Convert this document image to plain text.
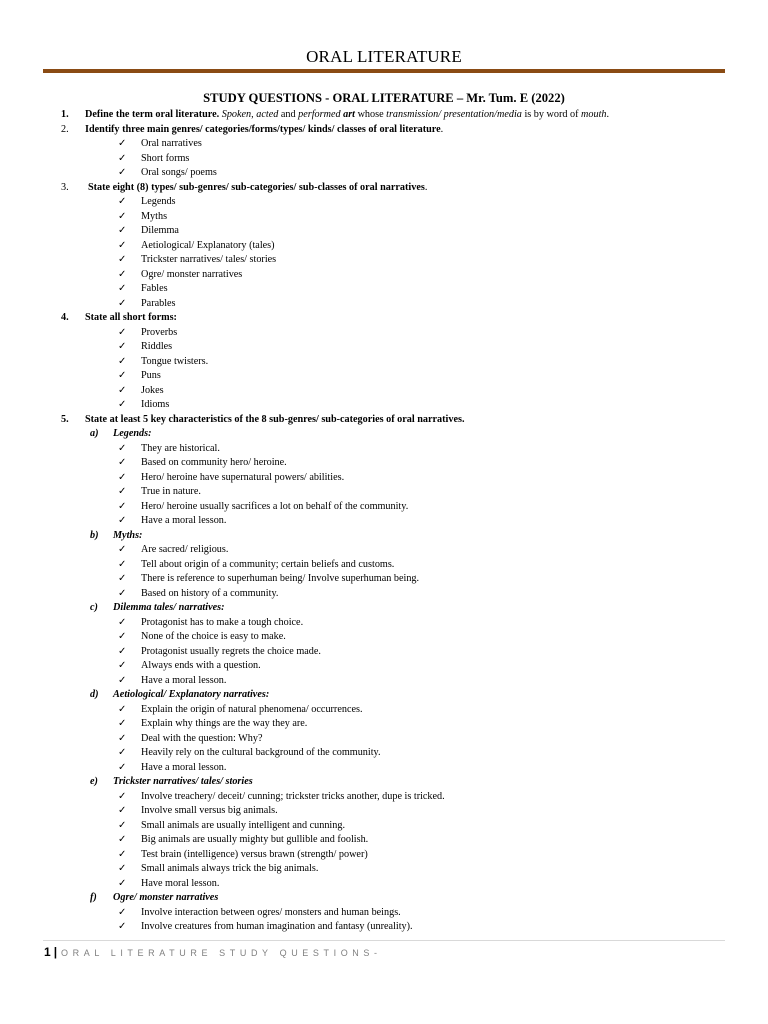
ORAL LITERATURE
STUDY QUESTIONS - ORAL LITERATURE – Mr. Tum. E (2022)
1. Define the term oral literature. Spoken, acted and performed art whose transmission/ presentation/media is by word of mouth.
2. Identify three main genres/ categories/forms/types/ kinds/ classes of oral literature.
✓ Oral narratives
✓ Short forms
✓ Oral songs/ poems
3. State eight (8) types/ sub-genres/ sub-categories/ sub-classes of oral narratives.
✓ Legends
✓ Myths
✓ Dilemma
✓ Aetiological/ Explanatory (tales)
✓ Trickster narratives/ tales/ stories
✓ Ogre/ monster narratives
✓ Fables
✓ Parables
4. State all short forms:
✓ Proverbs
✓ Riddles
✓ Tongue twisters.
✓ Puns
✓ Jokes
✓ Idioms
5. State at least 5 key characteristics of the 8 sub-genres/ sub-categories of oral narratives.
a) Legends:
✓ They are historical.
✓ Based on community hero/ heroine.
✓ Hero/ heroine have supernatural powers/ abilities.
✓ True in nature.
✓ Hero/ heroine usually sacrifices a lot on behalf of the community.
✓ Have a moral lesson.
b) Myths:
✓ Are sacred/ religious.
✓ Tell about origin of a community; certain beliefs and customs.
✓ There is reference to superhuman being/ Involve superhuman being.
✓ Based on history of a community.
c) Dilemma tales/ narratives:
✓ Protagonist has to make a tough choice.
✓ None of the choice is easy to make.
✓ Protagonist usually regrets the choice made.
✓ Always ends with a question.
✓ Have a moral lesson.
d) Aetiological/ Explanatory narratives:
✓ Explain the origin of natural phenomena/ occurrences.
✓ Explain why things are the way they are.
✓ Deal with the question: Why?
✓ Heavily rely on the cultural background of the community.
✓ Have a moral lesson.
e) Trickster narratives/ tales/ stories
✓ Involve treachery/ deceit/ cunning; trickster tricks another, dupe is tricked.
✓ Involve small versus big animals.
✓ Small animals are usually intelligent and cunning.
✓ Big animals are usually mighty but gullible and foolish.
✓ Test brain (intelligence) versus brawn (strength/ power)
✓ Small animals always trick the big animals.
✓ Have moral lesson.
f) Ogre/ monster narratives
✓ Involve interaction between ogres/ monsters and human beings.
✓ Involve creatures from human imagination and fantasy (unreality).
1 | ORAL LITERATURE STUDY QUESTIONS-
